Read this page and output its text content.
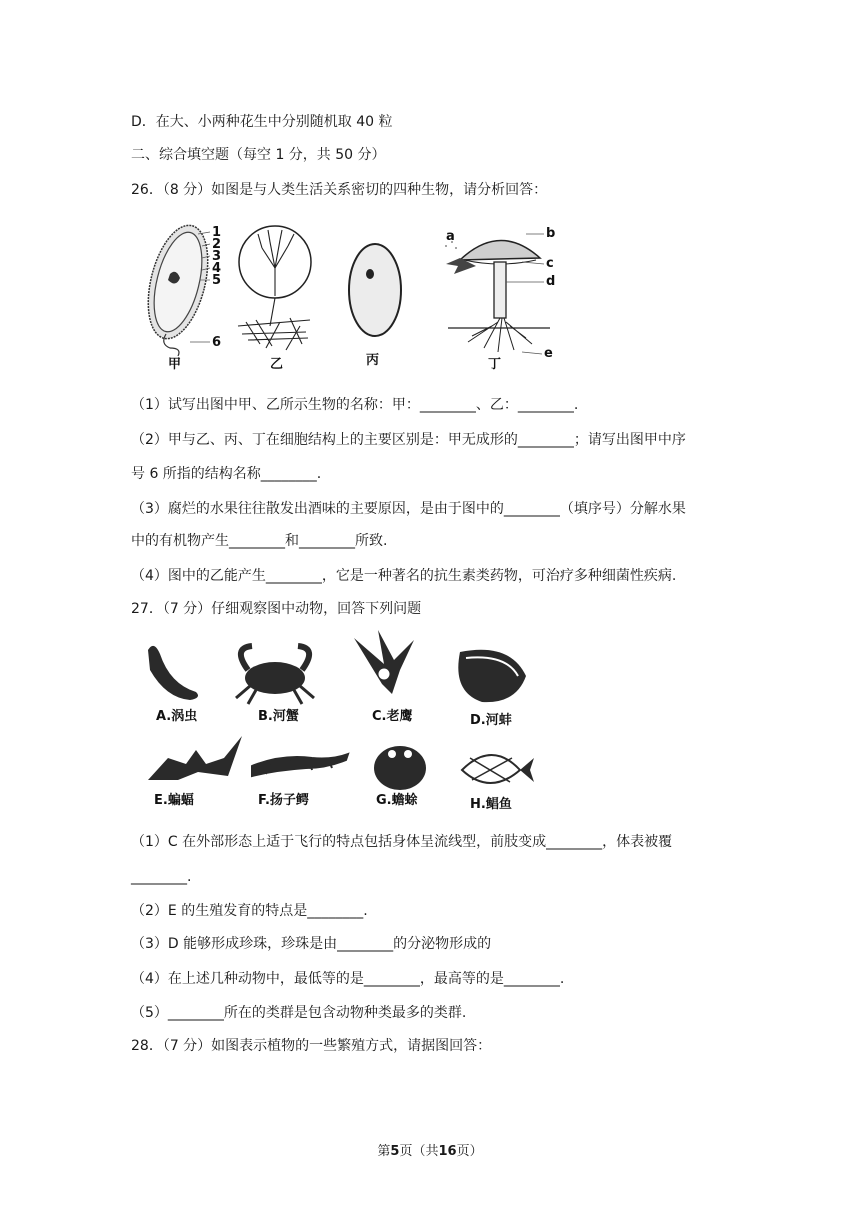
D．在大、小两种花生中分别随机取 40 粒
二、综合填空题（每空 1 分，共 50 分）
26．（8 分）如图是与人类生活关系密切的四种生物，请分析回答：
1
2
3
4
5
6
甲	乙	丙
a	b
c
d
e
丁
（1）试写出图中甲、乙所示生物的名称：甲：________、乙：________.
（2）甲与乙、丙、丁在细胞结构上的主要区别是：甲无成形的________；请写出图甲中序
号 6 所指的结构名称________.
（3）腐烂的水果往往散发出酒味的主要原因，是由于图中的________（填序号）分解水果
中的有机物产生________和________所致.
（4）图中的乙能产生________，它是一种著名的抗生素类药物，可治疗多种细菌性疾病.
27．（7 分）仔细观察图中动物，回答下列问题
A.涡虫	B.河蟹	C.老鹰	D.河蚌
E.蝙蝠	F.扬子鳄	G.蟾蜍	H.鲳鱼
（1）C 在外部形态上适于飞行的特点包括身体呈流线型，前肢变成________，体表被覆
________.
（2）E 的生殖发育的特点是________.
（3）D 能够形成珍珠，珍珠是由________的分泌物形成的
（4）在上述几种动物中，最低等的是________，最高等的是________.
（5）________所在的类群是包含动物种类最多的类群.
28．（7 分）如图表示植物的一些繁殖方式，请据图回答：
第5页（共16页）
